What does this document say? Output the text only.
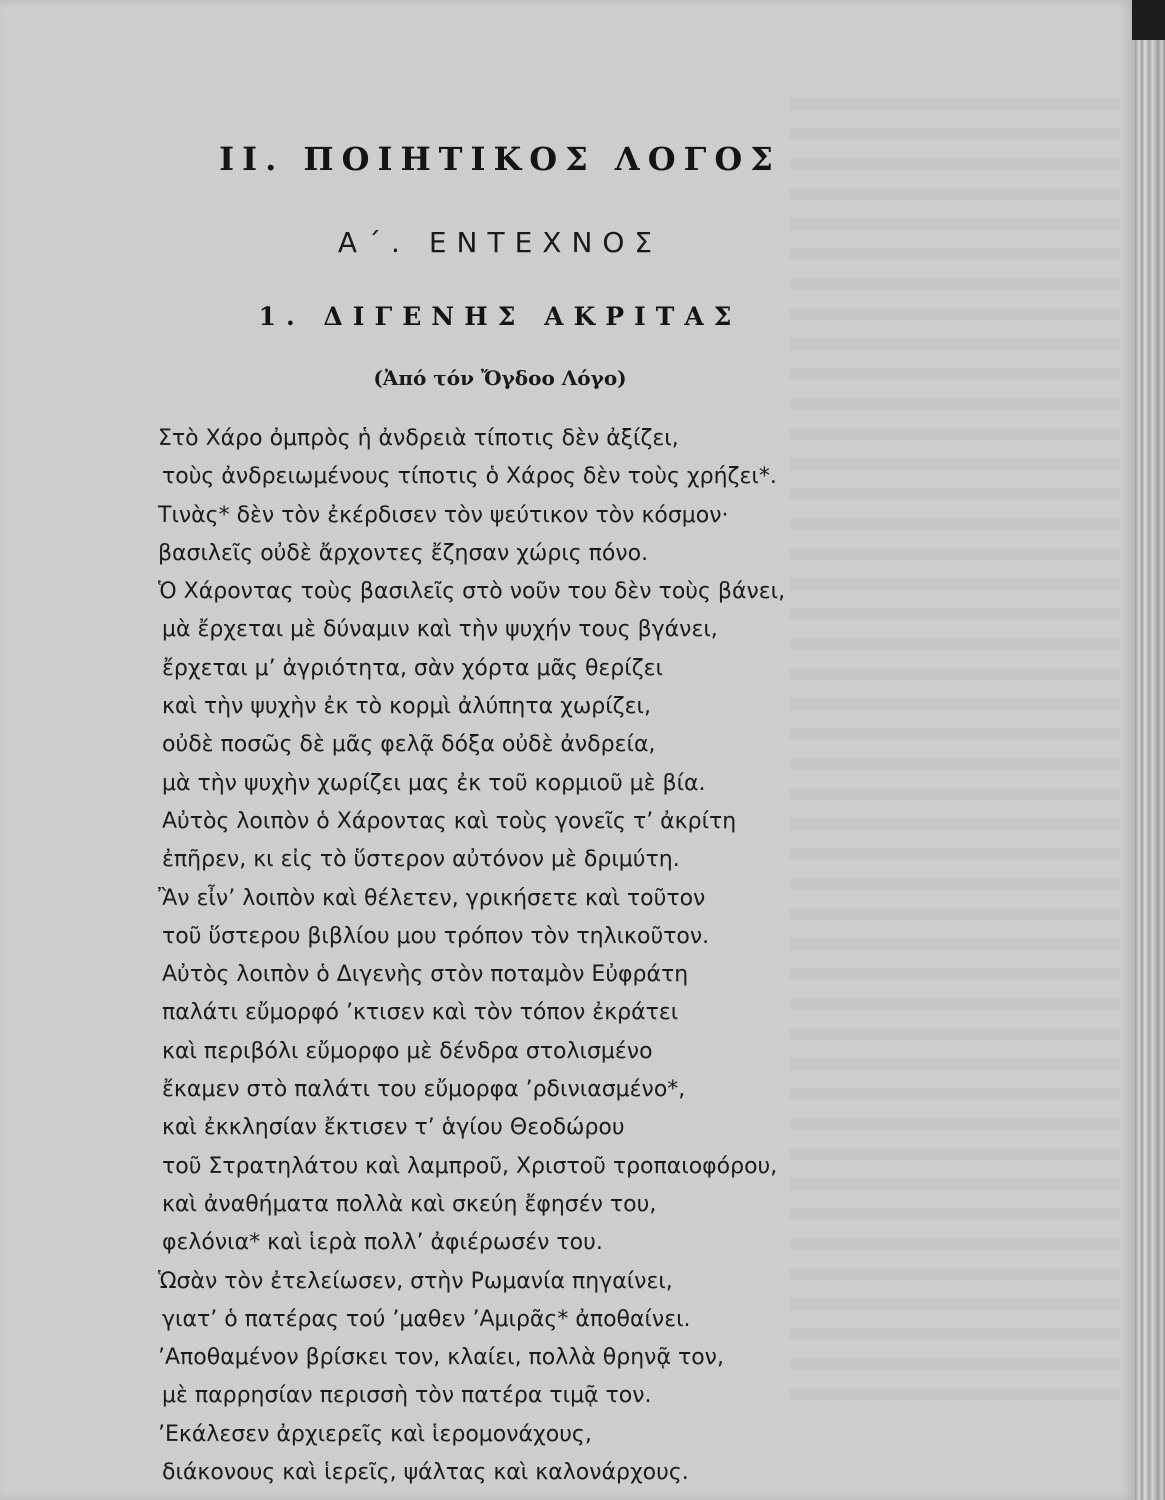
ΙΙ. ΠΟΙΗΤΙΚΟΣ ΛΟΓΟΣ
Α΄. ΕΝΤΕΧΝΟΣ
1. ΔΙΓΕΝΗΣ ΑΚΡΙΤΑΣ
(Ἀπό τόν Ὄγδοο Λόγο)
Στὸ Χάρο ὀμπρὸς ἡ ἀνδρειὰ τίποτις δὲν ἀξίζει,
τοὺς ἀνδρειωμένους τίποτις ὁ Χάρος δὲν τοὺς χρήζει*.
Τινὰς* δὲν τὸν ἐκέρδισεν τὸν ψεύτικον τὸν κόσμον·
βασιλεῖς οὐδὲ ἄρχοντες ἔζησαν χώρις πόνο.
Ὁ Χάροντας τοὺς βασιλεῖς στὸ νοῦν του δὲν τοὺς βάνει,
μὰ ἔρχεται μὲ δύναμιν καὶ τὴν ψυχήν τους βγάνει,
ἔρχεται μ’ ἀγριότητα, σὰν χόρτα μᾶς θερίζει
καὶ τὴν ψυχὴν ἐκ τὸ κορμὶ ἀλύπητα χωρίζει,
οὐδὲ ποσῶς δὲ μᾶς φελᾷ δόξα οὐδὲ ἀνδρεία,
μὰ τὴν ψυχὴν χωρίζει μας ἐκ τοῦ κορμιοῦ μὲ βία.
Αὐτὸς λοιπὸν ὁ Χάροντας καὶ τοὺς γονεῖς τ’ ἀκρίτη
ἐπῆρεν, κι εἰς τὸ ὕστερον αὐτόνον μὲ δριμύτη.
Ἂν εἶν’ λοιπὸν καὶ θέλετεν, γρικήσετε καὶ τοῦτον
τοῦ ὕστερου βιβλίου μου τρόπον τὸν τηλικοῦτον.
Αὐτὸς λοιπὸν ὁ Διγενὴς στὸν ποταμὸν Εὐφράτη
παλάτι εὔμορφό ’κτισεν καὶ τὸν τόπον ἐκράτει
καὶ περιβόλι εὔμορφο μὲ δένδρα στολισμένο
ἔκαμεν στὸ παλάτι του εὔμορφα ’ρδινιασμένο*,
καὶ ἐκκλησίαν ἔκτισεν τ’ ἁγίου Θεοδώρου
τοῦ Στρατηλάτου καὶ λαμπροῦ, Χριστοῦ τροπαιοφόρου,
καὶ ἀναθήματα πολλὰ καὶ σκεύη ἔφησέν του,
φελόνια* καὶ ἱερὰ πολλ’ ἀφιέρωσέν του.
Ὡσὰν τὸν ἐτελείωσεν, στὴν Ρωμανία πηγαίνει,
γιατ’ ὁ πατέρας τού ’μαθεν ’Αμιρᾶς* ἀποθαίνει.
’Αποθαμένον βρίσκει τον, κλαίει, πολλὰ θρηνᾷ τον,
μὲ παρρησίαν περισσὴ τὸν πατέρα τιμᾷ τον.
’Εκάλεσεν ἀρχιερεῖς καὶ ἱερομονάχους,
διάκονους καὶ ἱερεῖς, ψάλτας καὶ καλονάρχους.
